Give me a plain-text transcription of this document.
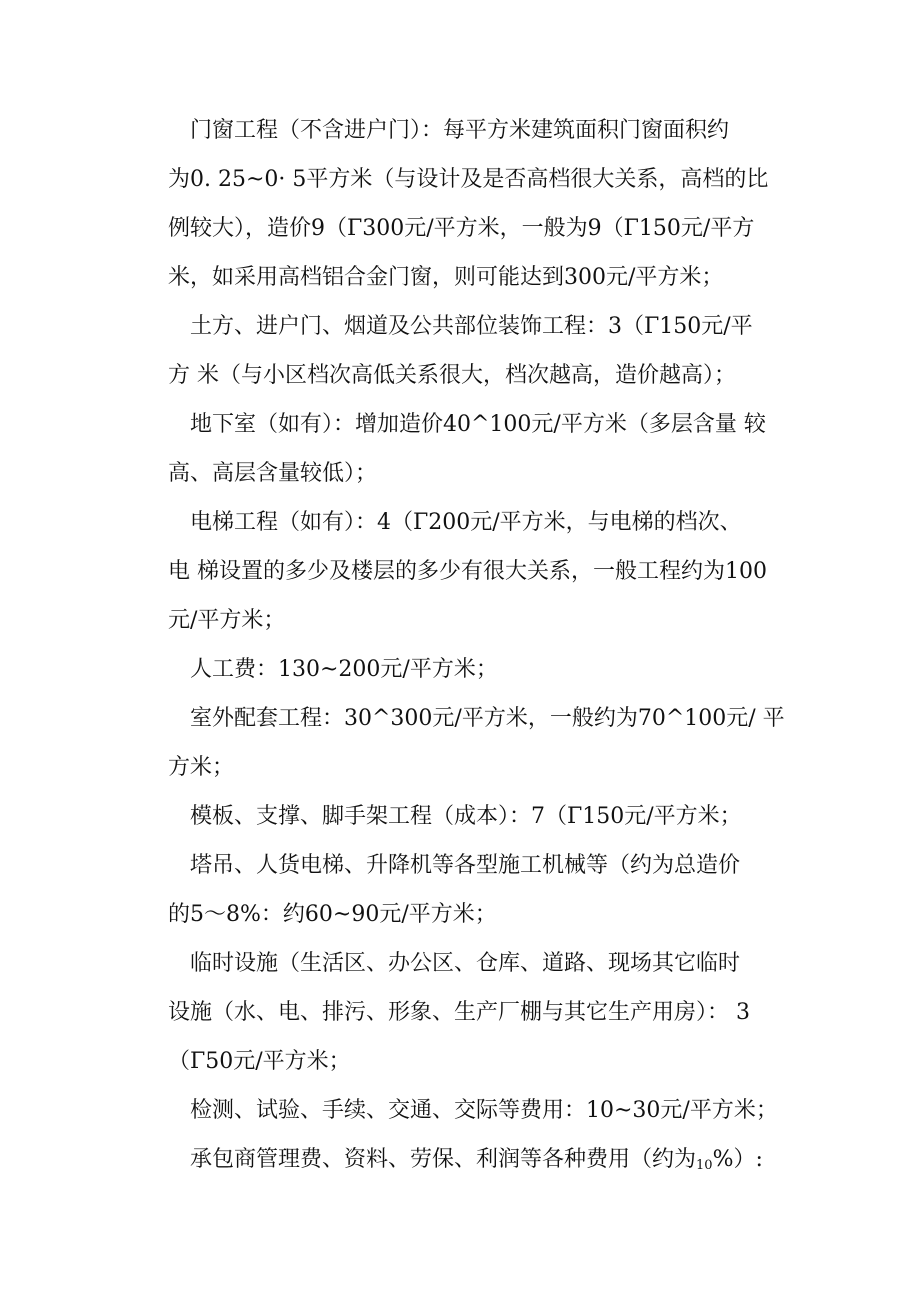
门窗工程（不含进户门）：每平方米建筑面积门窗面积约
为0. 25~0· 5平方米（与设计及是否高档很大关系，高档的比
例较大），造价9（Γ300元/平方米，一般为9（Γ150元/平方
米，如采用高档铝合金门窗，则可能达到300元/平方米；
土方、进户门、烟道及公共部位装饰工程：3（Γ150元/平
方 米（与小区档次高低关系很大，档次越高，造价越高）；
地下室（如有）：增加造价40^100元/平方米（多层含量 较
高、高层含量较低）；
电梯工程（如有）：4（Γ200元/平方米，与电梯的档次、
电 梯设置的多少及楼层的多少有很大关系，一般工程约为100
元/平方米；
人工费：130~200元/平方米；
室外配套工程：30^300元/平方米，一般约为70^100元/ 平
方米；
模板、支撑、脚手架工程（成本）：7（Γ150元/平方米；
塔吊、人货电梯、升降机等各型施工机械等（约为总造价
的5～8%：约60~90元/平方米；
临时设施（生活区、办公区、仓库、道路、现场其它临时
设施（水、电、排污、形象、生产厂棚与其它生产用房）： 3
（Γ50元/平方米；
检测、试验、手续、交通、交际等费用：10~30元/平方米；
承包商管理费、资料、劳保、利润等各种费用（约为$_{10}$%）:
